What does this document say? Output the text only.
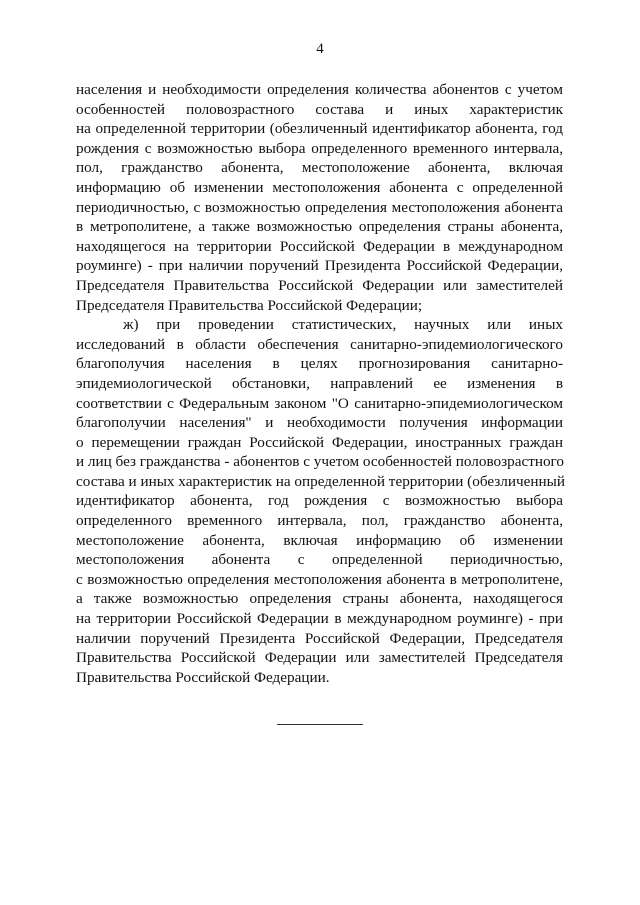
4
населения и необходимости определения количества абонентов с учетом
особенностей половозрастного состава и иных характеристик
на определенной территории (обезличенный идентификатор абонента, год
рождения с возможностью выбора определенного временного интервала,
пол, гражданство абонента, местоположение абонента, включая
информацию об изменении местоположения абонента с определенной
периодичностью, с возможностью определения местоположения абонента
в метрополитене, а также возможностью определения страны абонента,
находящегося на территории Российской Федерации в международном
роуминге) - при наличии поручений Президента Российской Федерации,
Председателя Правительства Российской Федерации или заместителей
Председателя Правительства Российской Федерации;
ж) при проведении статистических, научных или иных
исследований в области обеспечения санитарно-эпидемиологического
благополучия населения в целях прогнозирования санитарно-
эпидемиологической обстановки, направлений ее изменения в
соответствии с Федеральным законом "О санитарно-эпидемиологическом
благополучии населения" и необходимости получения информации
о перемещении граждан Российской Федерации, иностранных граждан
и лиц без гражданства - абонентов с учетом особенностей половозрастного
состава и иных характеристик на определенной территории (обезличенный
идентификатор абонента, год рождения с возможностью выбора
определенного временного интервала, пол, гражданство абонента,
местоположение абонента, включая информацию об изменении
местоположения абонента с определенной периодичностью,
с возможностью определения местоположения абонента в метрополитене,
а также возможностью определения страны абонента, находящегося
на территории Российской Федерации в международном роуминге) - при
наличии поручений Президента Российской Федерации, Председателя
Правительства Российской Федерации или заместителей Председателя
Правительства Российской Федерации.
